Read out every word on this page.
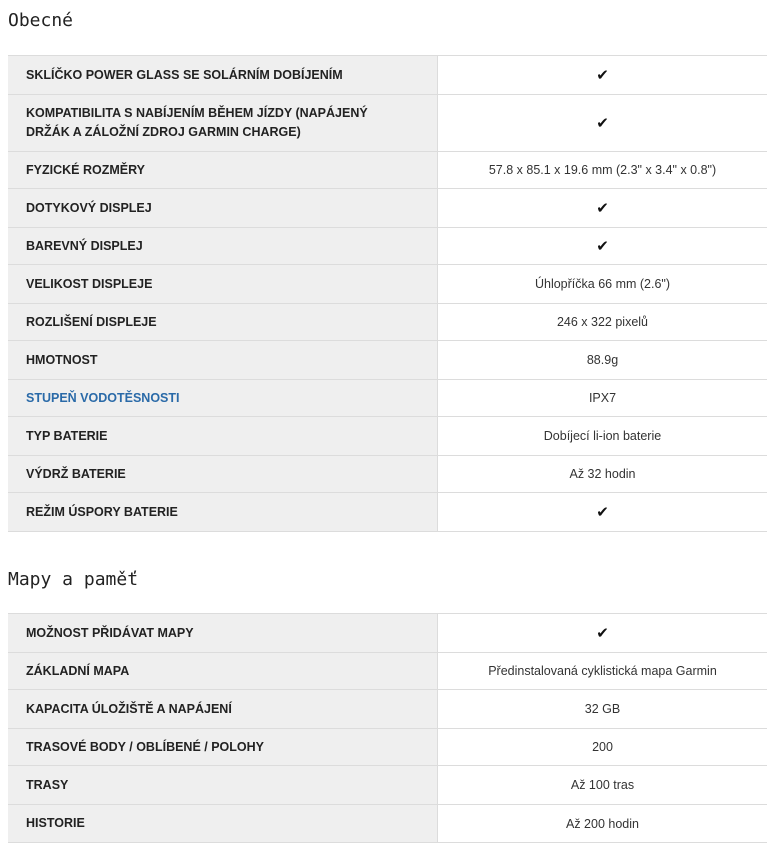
Obecné
SKLÍČKO POWER GLASS SE SOLÁRNÍM DOBÍJENÍM	✔
KOMPATIBILITA S NABÍJENÍM BĚHEM JÍZDY (NAPÁJENÝ DRŽÁK A ZÁLOŽNÍ ZDROJ GARMIN CHARGE)	✔
FYZICKÉ ROZMĚRY	57.8 x 85.1 x 19.6 mm (2.3" x 3.4" x 0.8")
DOTYKOVÝ DISPLEJ	✔
BAREVNÝ DISPLEJ	✔
VELIKOST DISPLEJE	Úhlopříčka 66 mm (2.6")
ROZLIŠENÍ DISPLEJE	246 x 322 pixelů
HMOTNOST	88.9g
STUPEŇ VODOTĚSNOSTI	IPX7
TYP BATERIE	Dobíjecí li-ion baterie
VÝDRŽ BATERIE	Až 32 hodin
REŽIM ÚSPORY BATERIE	✔
Mapy a paměť
MOŽNOST PŘIDÁVAT MAPY	✔
ZÁKLADNÍ MAPA	Předinstalovaná cyklistická mapa Garmin
KAPACITA ÚLOŽIŠTĚ A NAPÁJENÍ	32 GB
TRASOVÉ BODY / OBLÍBENÉ / POLOHY	200
TRASY	Až 100 tras
HISTORIE	Až 200 hodin
